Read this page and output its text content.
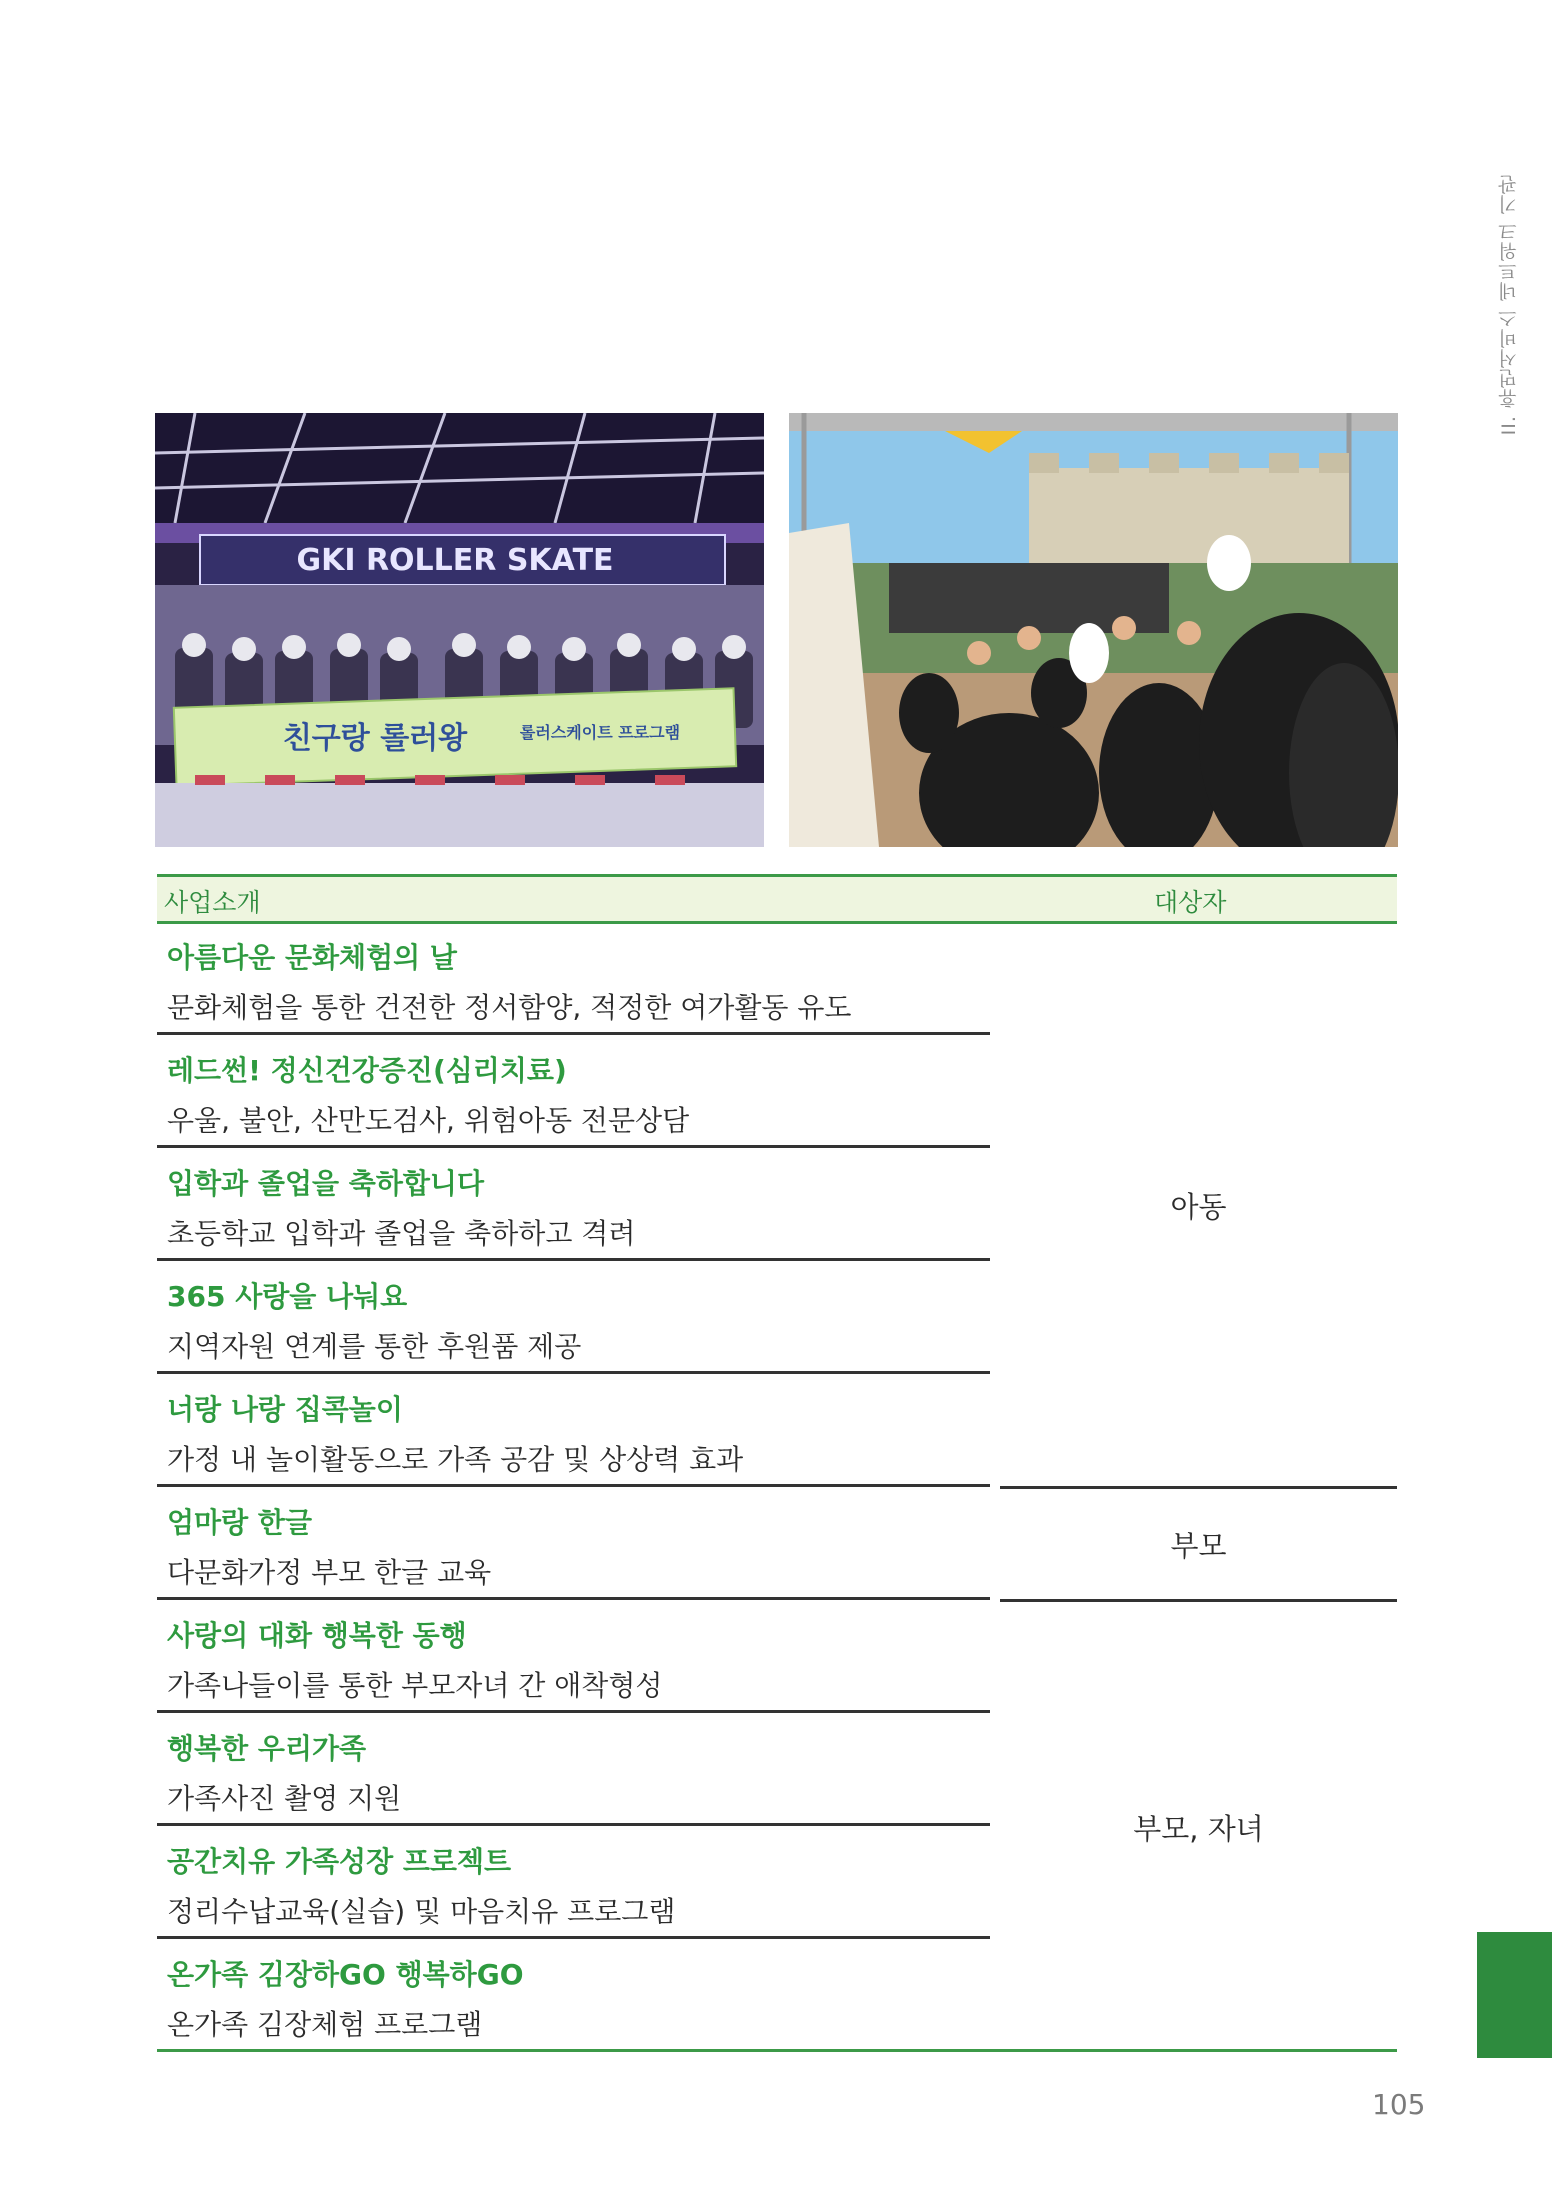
II. 휴먼서비스 네트워크 기관
GKI ROLLER SKATE
친구랑 롤러왕	롤러스케이트 프로그램
사업소개	대상자
아름다운 문화체험의 날
문화체험을 통한 건전한 정서함양, 적정한 여가활동 유도
레드썬! 정신건강증진(심리치료)
우울, 불안, 산만도검사, 위험아동 전문상담
입학과 졸업을 축하합니다
초등학교 입학과 졸업을 축하하고 격려
365 사랑을 나눠요
지역자원 연계를 통한 후원품 제공
너랑 나랑 집콕놀이
가정 내 놀이활동으로 가족 공감 및 상상력 효과
엄마랑 한글
다문화가정 부모 한글 교육
사랑의 대화 행복한 동행
가족나들이를 통한 부모자녀 간 애착형성
행복한 우리가족
가족사진 촬영 지원
공간치유 가족성장 프로젝트
정리수납교육(실습) 및 마음치유 프로그램
온가족 김장하GO 행복하GO
온가족 김장체험 프로그램
아동
부모
부모, 자녀
105
